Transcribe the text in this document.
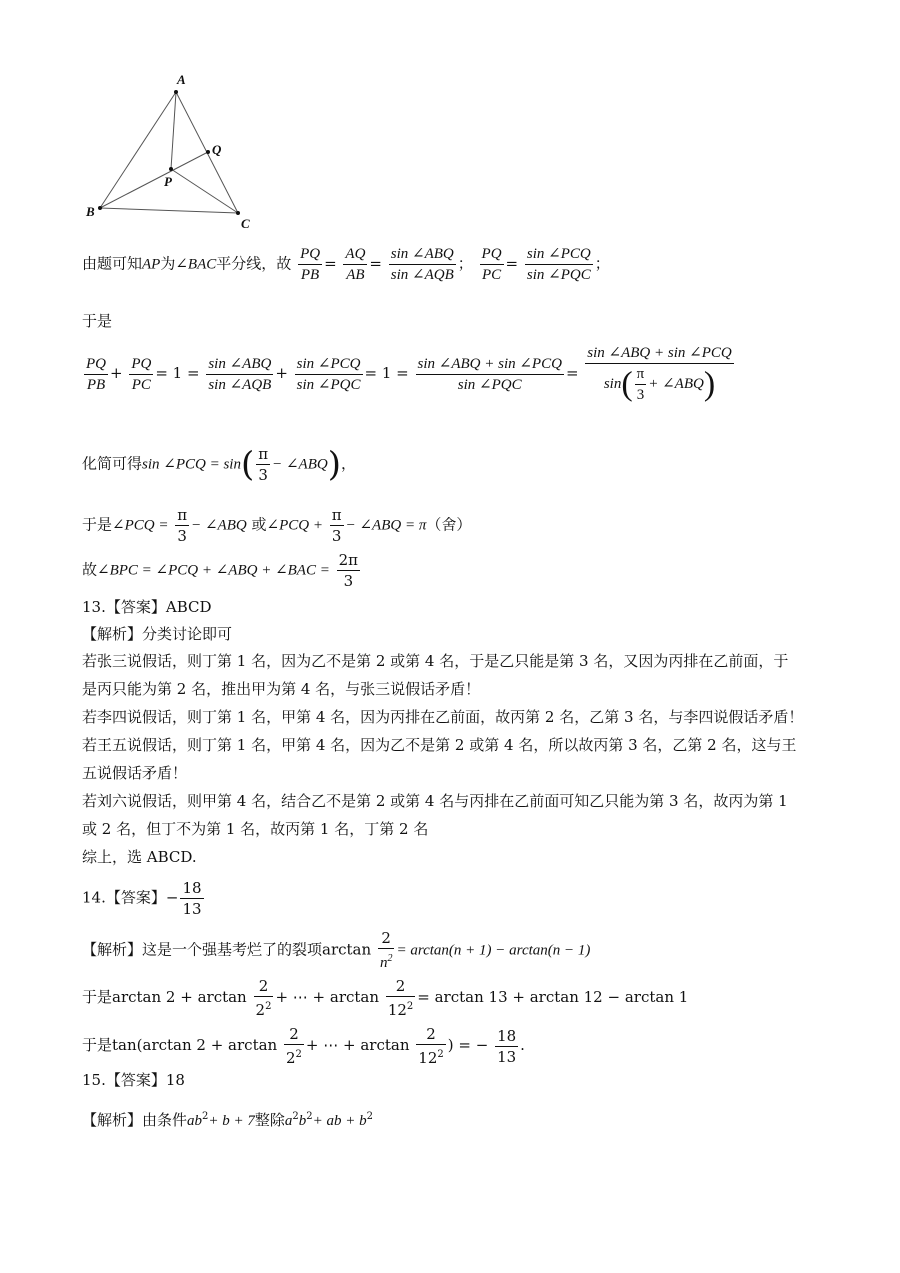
A
B
C
P
Q
由题可知AP为∠BAC平分线，故 $\frac{PQ}{PB} = \frac{AQ}{AB} = \frac{\text{sin ∠ABQ}}{\text{sin ∠AQB}}$ ； $\frac{PQ}{PC} = \frac{\text{sin ∠PCQ}}{\text{sin ∠PQC}}$ ；
于是
$\frac{PQ}{PB} + \frac{PQ}{PC} = 1 = \frac{\text{sin ∠ABQ}}{\text{sin ∠AQB}} + \frac{\text{sin ∠PCQ}}{\text{sin ∠PQC}} = 1 = \frac{\text{sin ∠ABQ + sin ∠PCQ}}{\text{sin ∠PQC}} = \frac{\text{sin ∠ABQ + sin ∠PCQ}}{\sin( \frac{\pi}{3} + \angle ABQ)}$
化简可得sin ∠PCQ = $\sin( \frac{\pi}{3}$ − ∠ABQ)，
于是∠PCQ = $\frac{\pi}{3}$ − ∠ABQ 或∠PCQ + $\frac{\pi}{3}$ − ∠ABQ = π（舍）
故∠BPC = ∠PCQ + ∠ABQ + ∠BAC = $\frac{2\pi}{3}$
13.【答案】ABCD
【解析】分类讨论即可
若张三说假话，则丁第 1 名，因为乙不是第 2 或第 4 名，于是乙只能是第 3 名，又因为丙排在乙前面，于
是丙只能为第 2 名，推出甲为第 4 名，与张三说假话矛盾！
若李四说假话，则丁第 1 名，甲第 4 名，因为丙排在乙前面，故丙第 2 名，乙第 3 名，与李四说假话矛盾！
若王五说假话，则丁第 1 名，甲第 4 名，因为乙不是第 2 或第 4 名，所以故丙第 3 名，乙第 2 名，这与王
五说假话矛盾！
若刘六说假话，则甲第 4 名，结合乙不是第 2 或第 4 名与丙排在乙前面可知乙只能为第 3 名，故丙为第 1
或 2 名，但丁不为第 1 名，故丙第 1 名，丁第 2 名
综上，选 ABCD.
14.【答案】− $\frac{18}{13}$
【解析】这是一个强基考烂了的裂项$\arctan \frac{2}{n^2} = \arctan(n + 1) - \arctan(n - 1)$
于是$\arctan 2 + \arctan \frac{2}{2^2}$ + ⋯ + $\arctan \frac{2}{12^2} = \arctan 13 + \arctan 12 - \arctan 1$
于是tan(arctan $2 + \arctan \frac{2}{2^2}$ + ⋯ + $\arctan \frac{2}{12^2}$ ) = − $\frac{18}{13}$ .
15.【答案】18
【解析】由条件$ab^2+ b + 7$整除$a^2b^2+$ ab + $b^2$
